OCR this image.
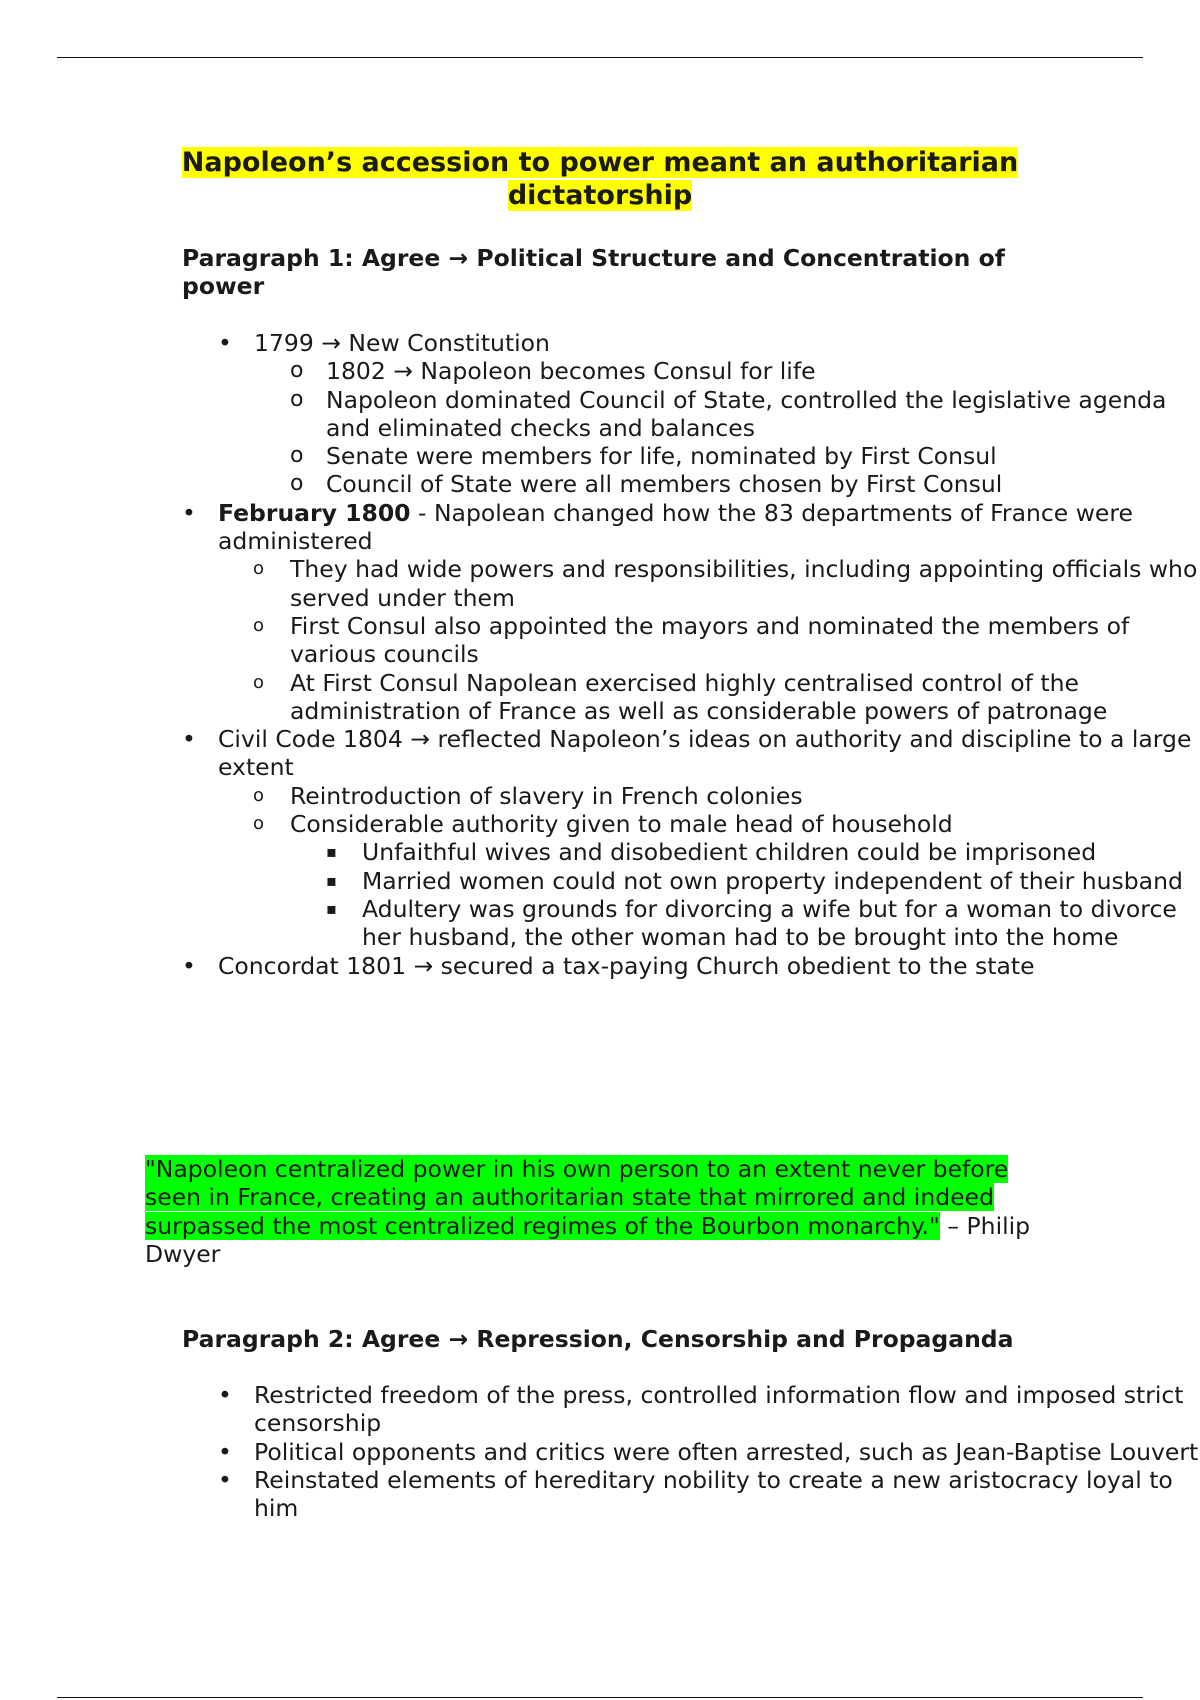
Napoleon’s accession to power meant an authoritarian
dictatorship
Paragraph 1: Agree → Political Structure and Concentration of
power
• 1799 → New Constitution
o 1802 → Napoleon becomes Consul for life
o Napoleon dominated Council of State, controlled the legislative agenda and eliminated checks and balances
o Senate were members for life, nominated by First Consul
o Council of State were all members chosen by First Consul
• February 1800 - Napolean changed how the 83 departments of France were administered
o They had wide powers and responsibilities, including appointing officials who served under them
o First Consul also appointed the mayors and nominated the members of various councils
o At First Consul Napolean exercised highly centralised control of the administration of France as well as considerable powers of patronage
• Civil Code 1804 → reflected Napoleon’s ideas on authority and discipline to a large extent
o Reintroduction of slavery in French colonies
o Considerable authority given to male head of household
▪ Unfaithful wives and disobedient children could be imprisoned
▪ Married women could not own property independent of their husband
▪ Adultery was grounds for divorcing a wife but for a woman to divorce her husband, the other woman had to be brought into the home
• Concordat 1801 → secured a tax-paying Church obedient to the state
"Napoleon centralized power in his own person to an extent never before seen in France, creating an authoritarian state that mirrored and indeed surpassed the most centralized regimes of the Bourbon monarchy." – Philip Dwyer
Paragraph 2: Agree → Repression, Censorship and Propaganda
• Restricted freedom of the press, controlled information flow and imposed strict censorship
• Political opponents and critics were often arrested, such as Jean-Baptise Louvert
• Reinstated elements of hereditary nobility to create a new aristocracy loyal to him
